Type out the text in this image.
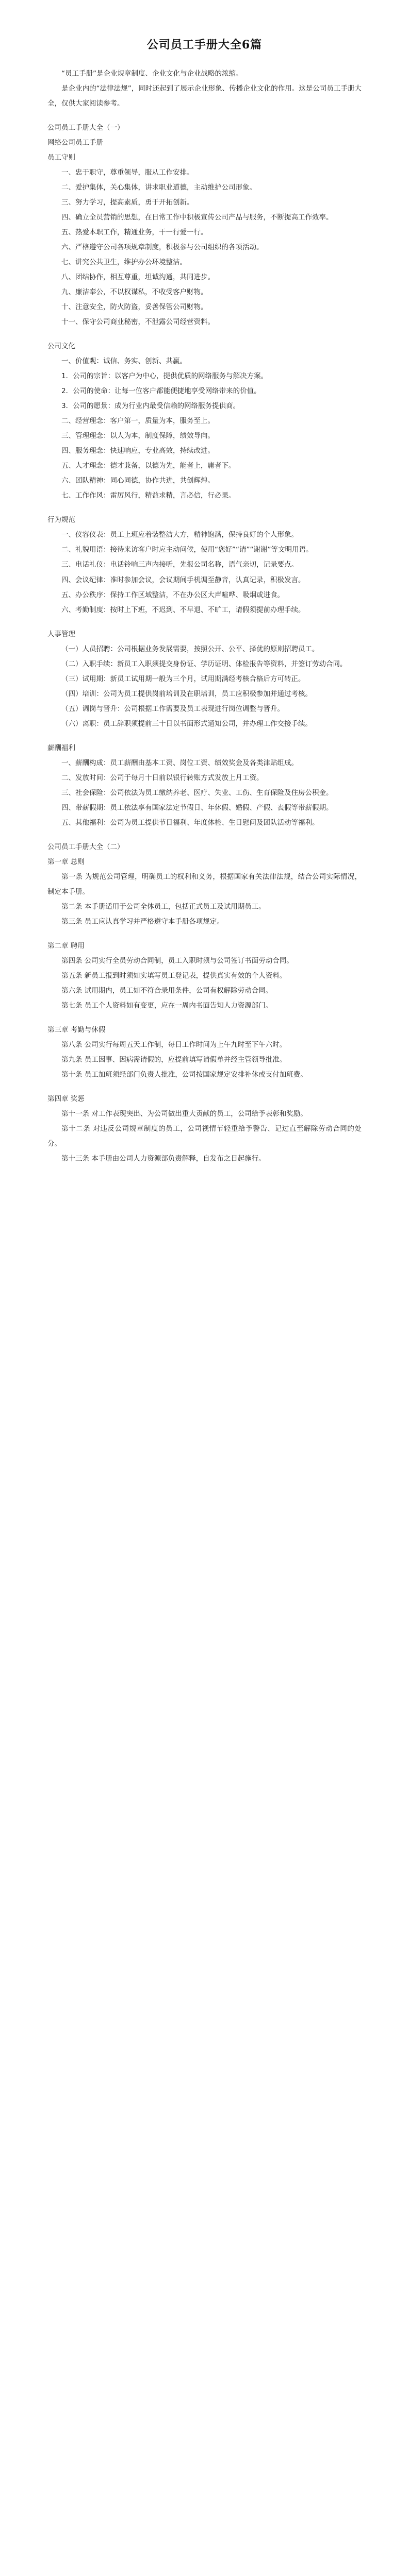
公司员工手册大全6篇

“员工手册”是企业规章制度、企业文化与企业战略的浓缩。

是企业内的“法律法规”，同时还起到了展示企业形象、传播企业文化的作用。这是公司员工手册大全，仅供大家阅读参考。

公司员工手册大全（一）

网络公司员工手册

员工守则

一、忠于职守，尊重领导，服从工作安排。

二、爱护集体，关心集体，讲求职业道德，主动维护公司形象。

三、努力学习，提高素质，勇于开拓创新。

四、确立全员营销的思想，在日常工作中积极宣传公司产品与服务，不断提高工作效率。

五、热爱本职工作，精通业务，干一行爱一行。

六、严格遵守公司各项规章制度，积极参与公司组织的各项活动。

七、讲究公共卫生，维护办公环境整洁。

八、团结协作，相互尊重，坦诚沟通，共同进步。

九、廉洁奉公，不以权谋私，不收受客户财物。

十、注意安全，防火防盗，妥善保管公司财物。

十一、保守公司商业秘密，不泄露公司经营资料。

公司文化

一、价值观：诚信、务实、创新、共赢。

1．公司的宗旨：以客户为中心，提供优质的网络服务与解决方案。

2．公司的使命：让每一位客户都能便捷地享受网络带来的价值。

3．公司的愿景：成为行业内最受信赖的网络服务提供商。

二、经营理念：客户第一，质量为本，服务至上。

三、管理理念：以人为本，制度保障，绩效导向。

四、服务理念：快速响应，专业高效，持续改进。

五、人才理念：德才兼备，以德为先，能者上，庸者下。

六、团队精神：同心同德，协作共进，共创辉煌。

七、工作作风：雷厉风行，精益求精，言必信，行必果。

行为规范

一、仪容仪表：员工上班应着装整洁大方，精神饱满，保持良好的个人形象。

二、礼貌用语：接待来访客户时应主动问候，使用“您好”“请”“谢谢”等文明用语。

三、电话礼仪：电话铃响三声内接听，先报公司名称，语气亲切，记录要点。

四、会议纪律：准时参加会议，会议期间手机调至静音，认真记录，积极发言。

五、办公秩序：保持工作区域整洁，不在办公区大声喧哗、吸烟或进食。

六、考勤制度：按时上下班，不迟到、不早退、不旷工，请假须提前办理手续。

人事管理

（一）人员招聘：公司根据业务发展需要，按照公开、公平、择优的原则招聘员工。

（二）入职手续：新员工入职须提交身份证、学历证明、体检报告等资料，并签订劳动合同。

（三）试用期：新员工试用期一般为三个月，试用期满经考核合格后方可转正。

（四）培训：公司为员工提供岗前培训及在职培训，员工应积极参加并通过考核。

（五）调岗与晋升：公司根据工作需要及员工表现进行岗位调整与晋升。

（六）离职：员工辞职须提前三十日以书面形式通知公司，并办理工作交接手续。

薪酬福利

一、薪酬构成：员工薪酬由基本工资、岗位工资、绩效奖金及各类津贴组成。

二、发放时间：公司于每月十日前以银行转账方式发放上月工资。

三、社会保险：公司依法为员工缴纳养老、医疗、失业、工伤、生育保险及住房公积金。

四、带薪假期：员工依法享有国家法定节假日、年休假、婚假、产假、丧假等带薪假期。

五、其他福利：公司为员工提供节日福利、年度体检、生日慰问及团队活动等福利。

公司员工手册大全（二）

第一章 总则

第一条 为规范公司管理，明确员工的权利和义务，根据国家有关法律法规，结合公司实际情况，制定本手册。

第二条 本手册适用于公司全体员工，包括正式员工及试用期员工。

第三条 员工应认真学习并严格遵守本手册各项规定。

第二章 聘用

第四条 公司实行全员劳动合同制，员工入职时须与公司签订书面劳动合同。

第五条 新员工报到时须如实填写员工登记表，提供真实有效的个人资料。

第六条 试用期内，员工如不符合录用条件，公司有权解除劳动合同。

第七条 员工个人资料如有变更，应在一周内书面告知人力资源部门。

第三章 考勤与休假

第八条 公司实行每周五天工作制，每日工作时间为上午九时至下午六时。

第九条 员工因事、因病需请假的，应提前填写请假单并经主管领导批准。

第十条 员工加班须经部门负责人批准，公司按国家规定安排补休或支付加班费。

第四章 奖惩

第十一条 对工作表现突出、为公司做出重大贡献的员工，公司给予表彰和奖励。

第十二条 对违反公司规章制度的员工，公司视情节轻重给予警告、记过直至解除劳动合同的处分。

第十三条 本手册由公司人力资源部负责解释，自发布之日起施行。
